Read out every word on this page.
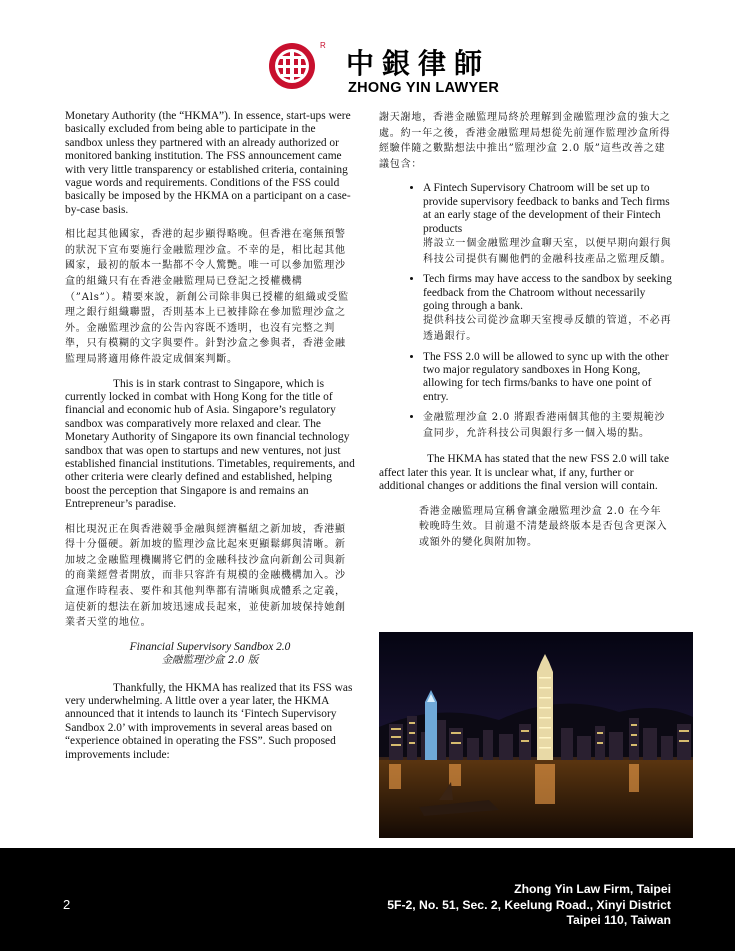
R
中銀律師
ZHONG YIN LAWYER

Monetary Authority (the “HKMA”). In essence, start-ups were basically excluded from being able to participate in the sandbox unless they partnered with an already authorized or monitored banking institution. The FSS announcement came with very little transparency or established criteria, containing vague words and requirements. Conditions of the FSS could basically be imposed by the HKMA on a participant on a case-by-case basis.

相比起其他國家，香港的起步顯得略晚。但香港在毫無預警的狀況下宣布要施行金融監理沙盒。不幸的是，相比起其他國家，最初的版本一點都不令人驚艷。唯一可以參加監理沙盒的組織只有在香港金融監理局已登記之授權機構（”Als”）。精要來說，新創公司除非與已授權的組織或受監理之銀行組織聯盟，否則基本上已被排除在參加監理沙盒之外。金融監理沙盒的公告內容既不透明，也沒有完整之判準，只有模糊的文字與要件。針對沙盒之參與者，香港金融監理局將適用條件設定成個案判斷。

This is in stark contrast to Singapore, which is currently locked in combat with Hong Kong for the title of financial and economic hub of Asia. Singapore’s regulatory sandbox was comparatively more relaxed and clear. The Monetary Authority of Singapore its own financial technology sandbox that was open to startups and new ventures, not just established financial institutions. Timetables, requirements, and other criteria were clearly defined and established, helping boost the perception that Singapore is and remains an Entrepreneur’s paradise.

相比現況正在與香港競爭金融與經濟樞紐之新加坡，香港顯得十分僵硬。新加坡的監理沙盒比起來更顯鬆綁與清晰。新加坡之金融監理機關將它們的金融科技沙盒向新創公司與新的商業經營者開放，而非只容許有規模的金融機構加入。沙盒運作時程表、要件和其他判準都有清晰與成體系之定義，這使新的想法在新加坡迅速成長起來，並使新加坡保持她創業者天堂的地位。

Financial Supervisory Sandbox 2.0
金融監理沙盒 2.0 版

Thankfully, the HKMA has realized that its FSS was very underwhelming. A little over a year later, the HKMA announced that it intends to launch its ‘Fintech Supervisory Sandbox 2.0’ with improvements in several areas based on “experience obtained in operating the FSS”. Such proposed improvements include:

謝天謝地，香港金融監理局終於理解到金融監理沙盒的強大之處。約一年之後，香港金融監理局想從先前運作監理沙盒所得經驗伴隨之數點想法中推出”監理沙盒 2.0 版”這些改善之建議包含：

• A Fintech Supervisory Chatroom will be set up to provide supervisory feedback to banks and Tech firms at an early stage of the development of their Fintech products
將設立一個金融監理沙盒聊天室，以便早期向銀行與科技公司提供有關他們的金融科技產品之監理反饋。
• Tech firms may have access to the sandbox by seeking feedback from the Chatroom without necessarily going through a bank.
提供科技公司從沙盒聊天室搜尋反饋的管道，不必再透過銀行。
• The FSS 2.0 will be allowed to sync up with the other two major regulatory sandboxes in Hong Kong, allowing for tech firms/banks to have one point of entry.
• 金融監理沙盒 2.0 將跟香港兩個其他的主要規範沙盒同步，允許科技公司與銀行多一個入場的點。

The HKMA has stated that the new FSS 2.0 will take affect later this year. It is unclear what, if any, further or additional changes or additions the final version will contain.

香港金融監理局宣稱會讓金融監理沙盒 2.0 在今年較晚時生效。目前還不清楚最終版本是否包含更深入或額外的變化與附加物。

2
Zhong Yin Law Firm, Taipei
5F-2, No. 51, Sec. 2, Keelung Road., Xinyi District
Taipei 110, Taiwan
